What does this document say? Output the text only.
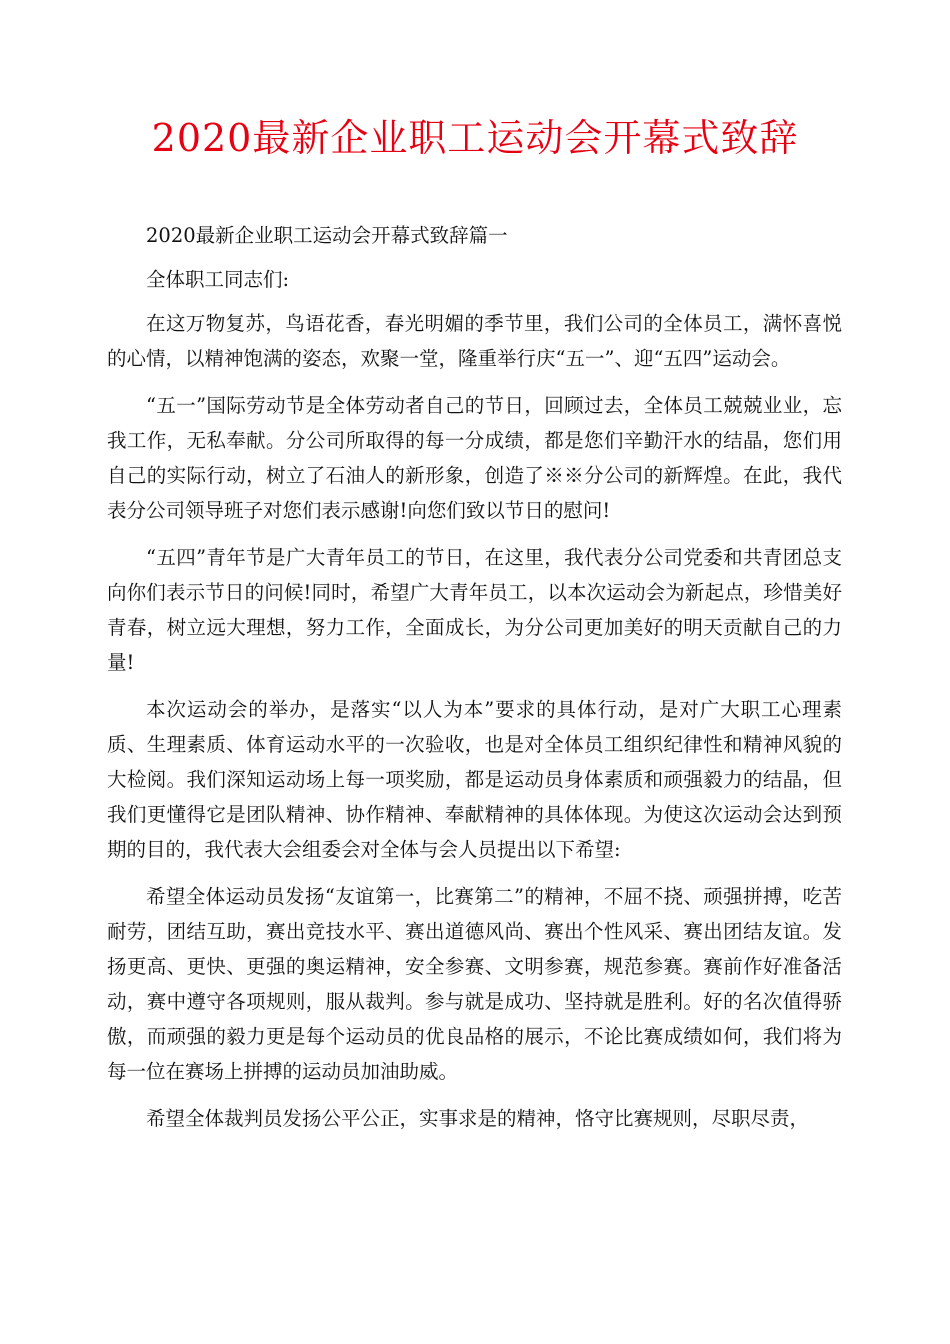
2020最新企业职工运动会开幕式致辞

2020最新企业职工运动会开幕式致辞篇一

全体职工同志们:

在这万物复苏，鸟语花香，春光明媚的季节里，我们公司的全体员工，满怀喜悦的心情，以精神饱满的姿态，欢聚一堂，隆重举行庆“五一”、迎“五四”运动会。

“五一”国际劳动节是全体劳动者自己的节日，回顾过去，全体员工兢兢业业，忘我工作，无私奉献。分公司所取得的每一分成绩，都是您们辛勤汗水的结晶，您们用自己的实际行动，树立了石油人的新形象，创造了※※分公司的新辉煌。在此，我代表分公司领导班子对您们表示感谢!向您们致以节日的慰问!

“五四”青年节是广大青年员工的节日，在这里，我代表分公司党委和共青团总支向你们表示节日的问候!同时，希望广大青年员工，以本次运动会为新起点，珍惜美好青春，树立远大理想，努力工作，全面成长，为分公司更加美好的明天贡献自己的力量!

本次运动会的举办，是落实“以人为本”要求的具体行动，是对广大职工心理素质、生理素质、体育运动水平的一次验收，也是对全体员工组织纪律性和精神风貌的大检阅。我们深知运动场上每一项奖励，都是运动员身体素质和顽强毅力的结晶，但我们更懂得它是团队精神、协作精神、奉献精神的具体体现。为使这次运动会达到预期的目的，我代表大会组委会对全体与会人员提出以下希望:

希望全体运动员发扬“友谊第一，比赛第二”的精神，不屈不挠、顽强拼搏，吃苦耐劳，团结互助，赛出竞技水平、赛出道德风尚、赛出个性风采、赛出团结友谊。发扬更高、更快、更强的奥运精神，安全参赛、文明参赛，规范参赛。赛前作好准备活动，赛中遵守各项规则，服从裁判。参与就是成功、坚持就是胜利。好的名次值得骄傲，而顽强的毅力更是每个运动员的优良品格的展示，不论比赛成绩如何，我们将为每一位在赛场上拼搏的运动员加油助威。

希望全体裁判员发扬公平公正，实事求是的精神，恪守比赛规则，尽职尽责，
